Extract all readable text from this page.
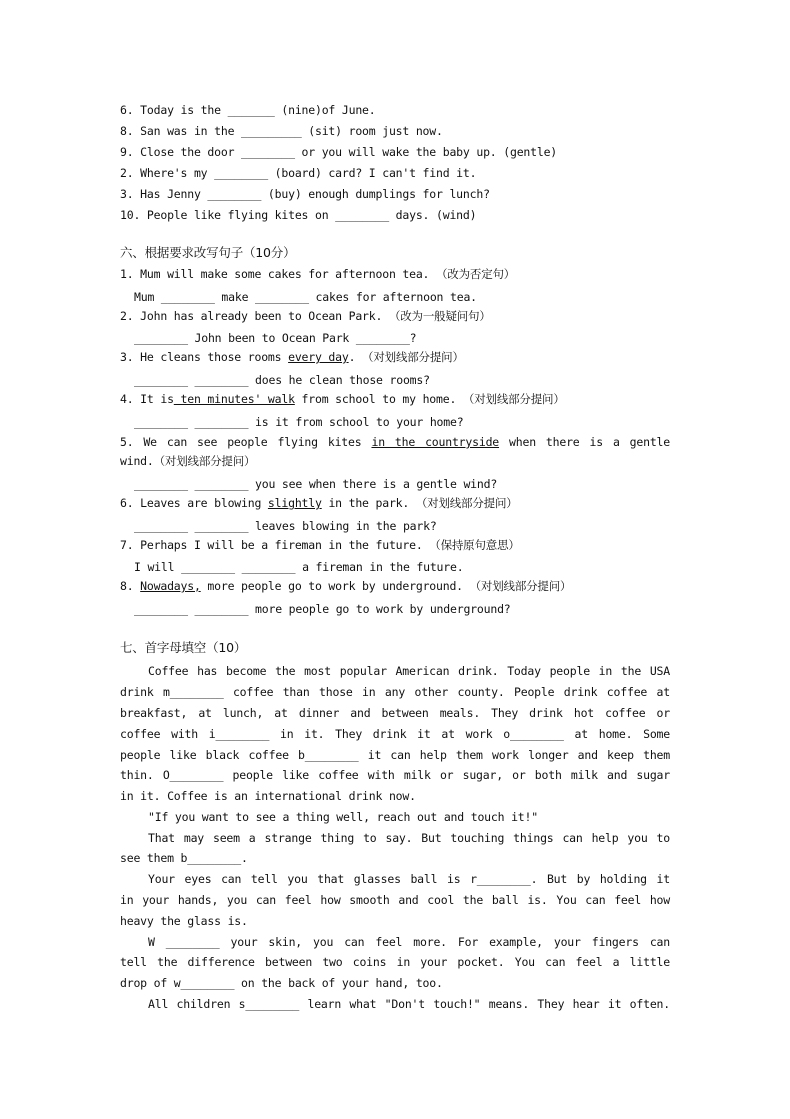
6. Today is the _______ (nine)of June.
8. San was in the _________ (sit) room just now.
9. Close the door ________ or you will wake the baby up. (gentle)
2. Where's my ________ (board) card? I can't find it.
3. Has Jenny ________ (buy) enough dumplings for lunch?
10. People like flying kites on ________ days. (wind)
六、根据要求改写句子（10分）
1. Mum will make some cakes for afternoon tea. （改为否定句）
Mum ________ make ________ cakes for afternoon tea.
2. John has already been to Ocean Park. （改为一般疑问句）
________ John been to Ocean Park ________?
3. He cleans those rooms every day. （对划线部分提问）
________ ________ does he clean those rooms?
4. It is ten minutes' walk from school to my home. （对划线部分提问）
________ ________ is it from school to your home?
5. We can see people flying kites in the countryside when there is a gentle
wind.（对划线部分提问）
________ ________ you see when there is a gentle wind?
6. Leaves are blowing slightly in the park. （对划线部分提问）
________ ________ leaves blowing in the park?
7. Perhaps I will be a fireman in the future. （保持原句意思）
I will ________ ________ a fireman in the future.
8. Nowadays, more people go to work by underground. （对划线部分提问）
________ ________ more people go to work by underground?
七、首字母填空（10）
Coffee has become the most popular American drink. Today people in the USA
drink m________ coffee than those in any other county. People drink coffee at
breakfast, at lunch, at dinner and between meals. They drink hot coffee or
coffee with i________ in it. They drink it at work o________ at home. Some
people like black coffee b________ it can help them work longer and keep them
thin. O________ people like coffee with milk or sugar, or both milk and sugar
in it. Coffee is an international drink now.
"If you want to see a thing well, reach out and touch it!"
That may seem a strange thing to say. But touching things can help you to
see them b________.
Your eyes can tell you that glasses ball is r________. But by holding it
in your hands, you can feel how smooth and cool the ball is. You can feel how
heavy the glass is.
W ________ your skin, you can feel more. For example, your fingers can
tell the difference between two coins in your pocket. You can feel a little
drop of w________ on the back of your hand, too.
All children s________ learn what "Don't touch!" means. They hear it often.
